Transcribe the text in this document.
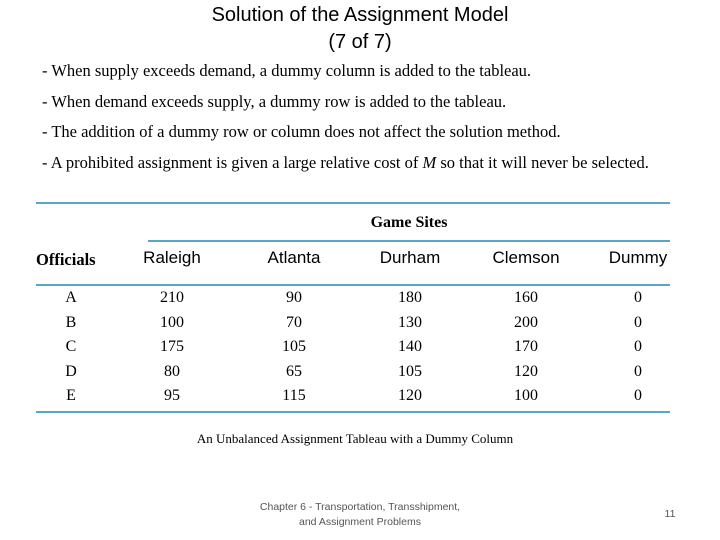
Solution of the Assignment Model
(7 of 7)
- When supply exceeds demand, a dummy column is added to the tableau.
- When demand exceeds supply, a dummy row is added to the tableau.
- The addition of a dummy row or column does not affect the solution method.
- A prohibited assignment is given a large relative cost of M so that it will never be selected.
Game Sites
Officials	Raleigh	Atlanta	Durham	Clemson	Dummy
A	210	90	180	160	0
B	100	70	130	200	0
C	175	105	140	170	0
D	80	65	105	120	0
E	95	115	120	100	0
An Unbalanced Assignment Tableau with a Dummy Column
Chapter 6 - Transportation, Transshipment,
and Assignment Problems
11
